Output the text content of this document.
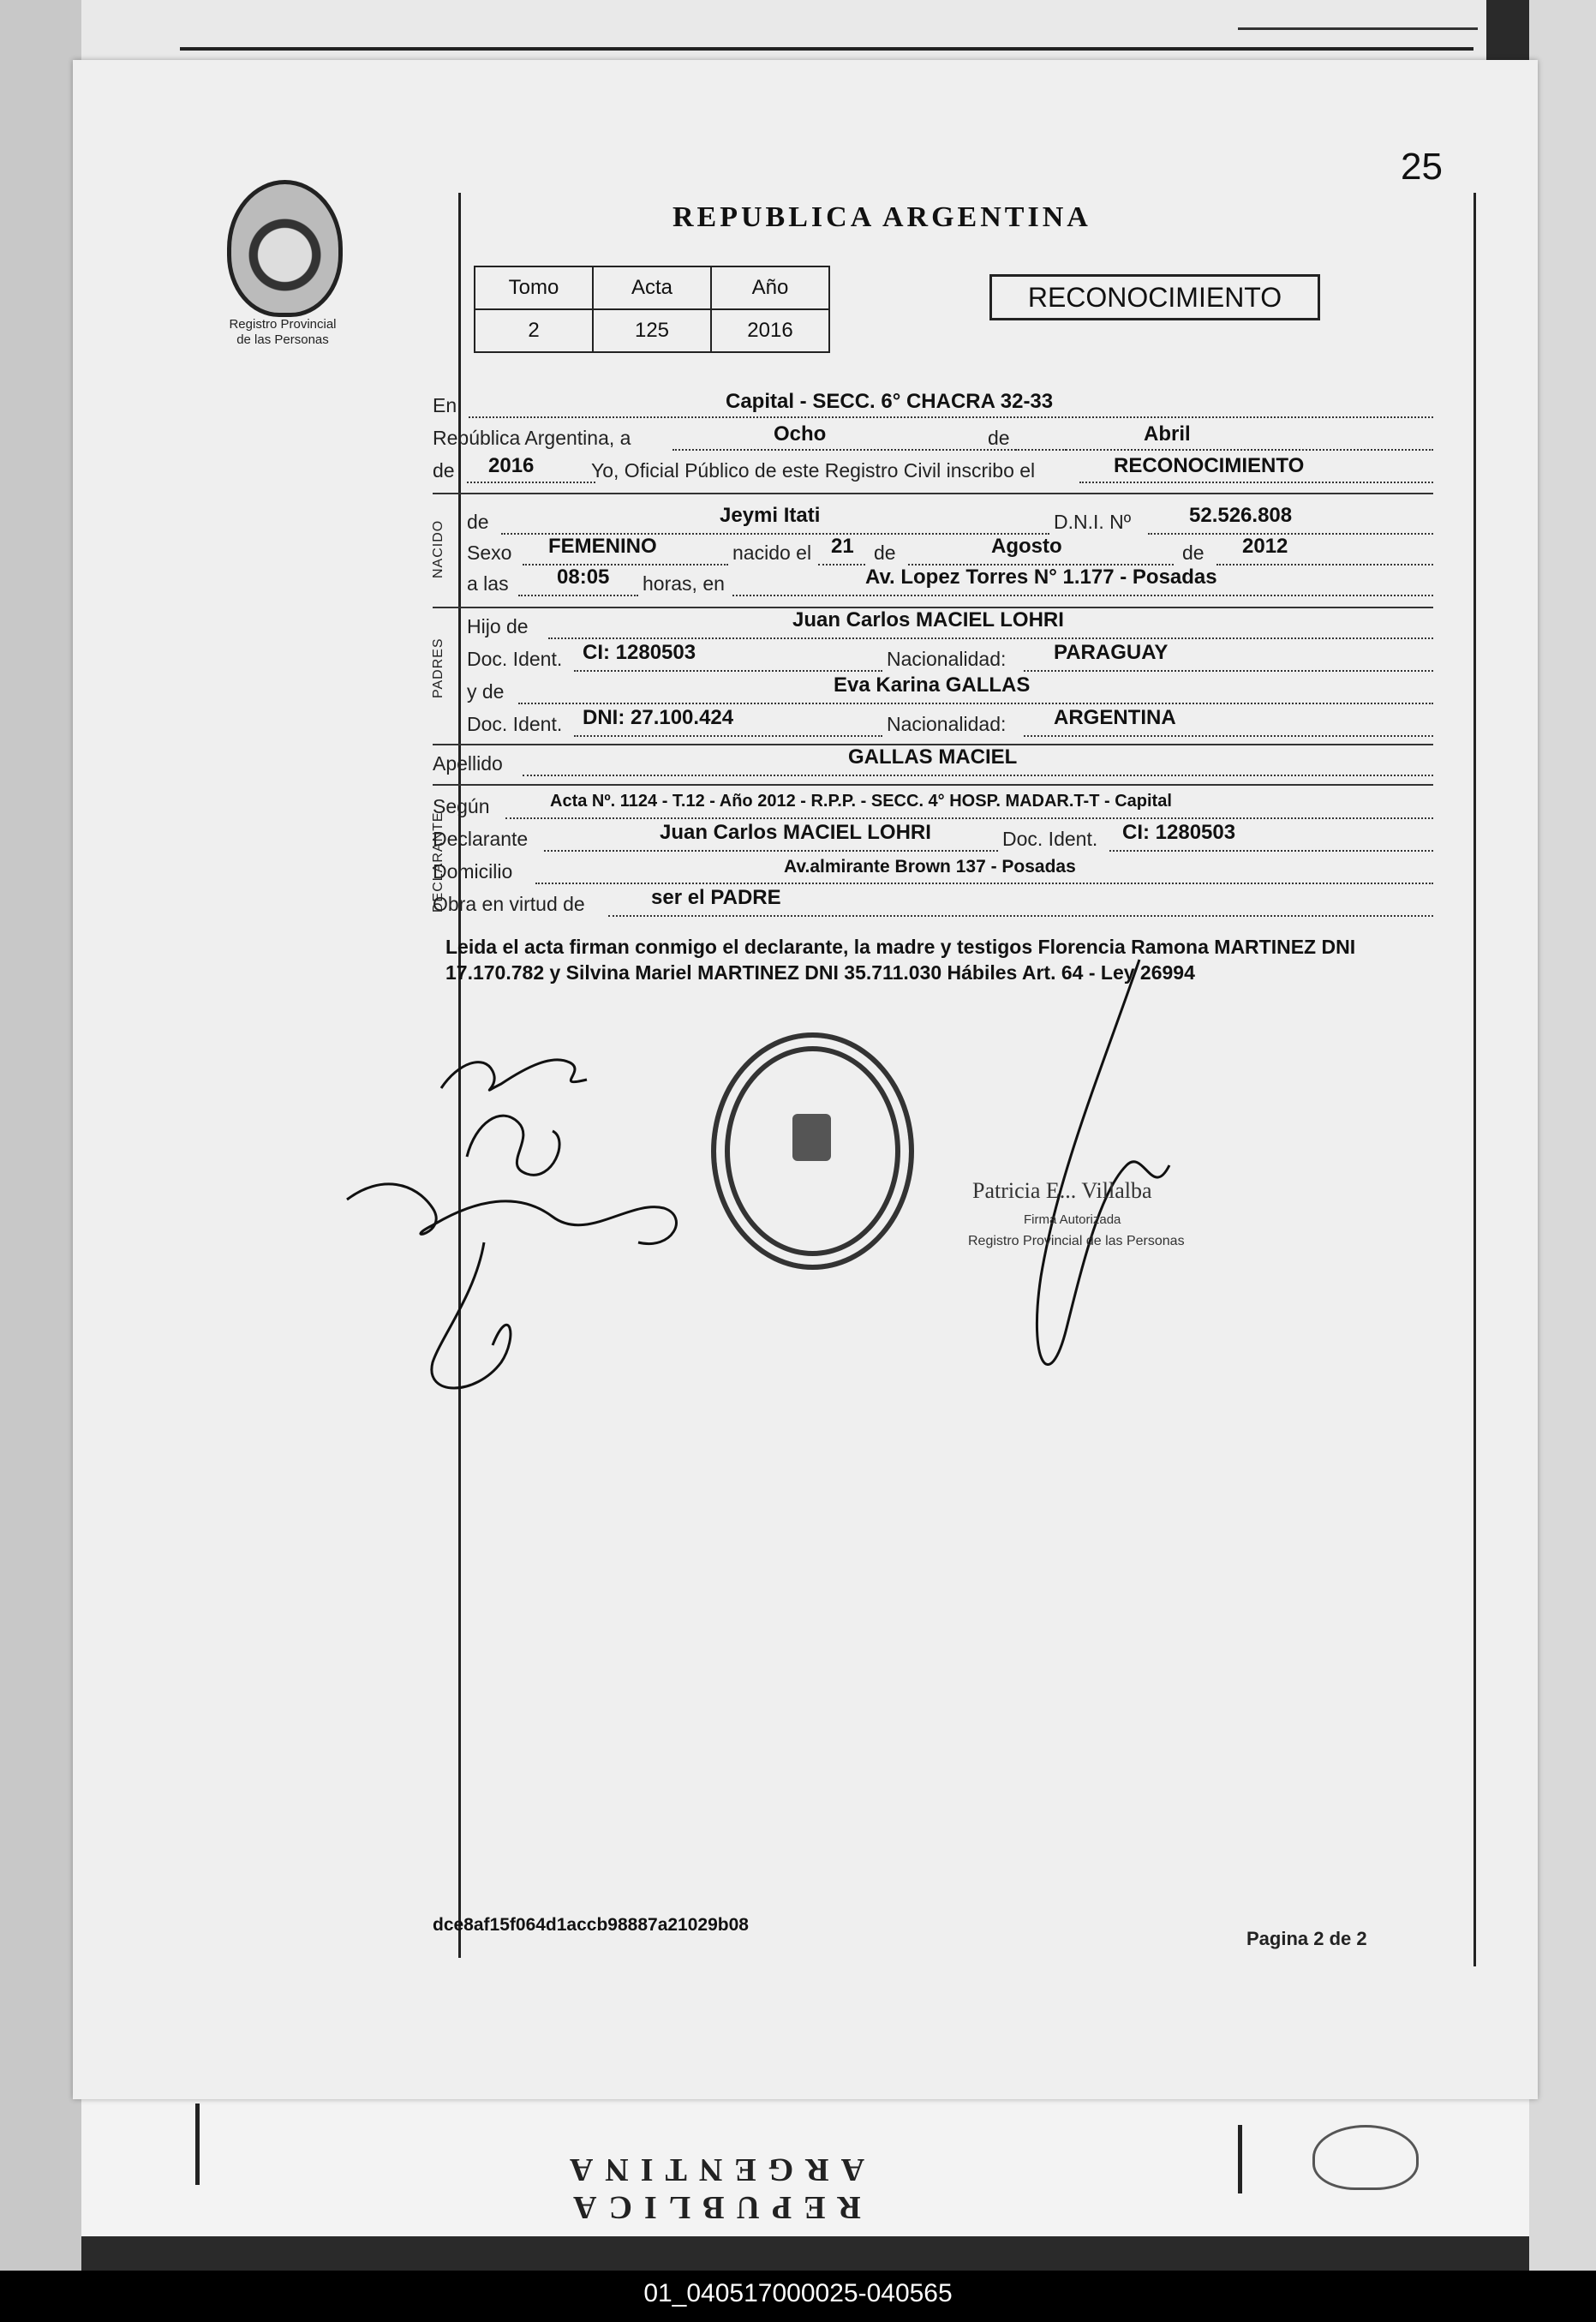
REPUBLICA ARGENTINA
25
Registro Provincial
de las Personas
REPUBLICA ARGENTINA
Tomo	Acta	Año
2	125	2016
RECONOCIMIENTO
En	Capital - SECC. 6° CHACRA 32-33
República Argentina, a	Ocho	de	Abril
de 2016	Yo, Oficial Público de este Registro Civil inscribo el	RECONOCIMIENTO
NACIDO de	Jeymi Itati	D.N.I. Nº	52.526.808
Sexo FEMENINO	nacido el 21 de	Agosto	de 2012
a las 08:05 horas, en	Av. Lopez Torres N° 1.177 - Posadas
PADRES
Hijo de	Juan Carlos MACIEL LOHRI
Doc. Ident. CI: 1280503	Nacionalidad: PARAGUAY
y de	Eva Karina GALLAS
Doc. Ident. DNI: 27.100.424	Nacionalidad: ARGENTINA
Apellido	GALLAS MACIEL
DECLARANTE
Según	Acta Nº. 1124 - T.12 - Año 2012 - R.P.P. - SECC. 4° HOSP. MADAR.T-T - Capital
Declarante	Juan Carlos MACIEL LOHRI	Doc. Ident. CI: 1280503
Domicilio	Av.almirante Brown 137 - Posadas
Obra en virtud de	ser el PADRE
Leida el acta firman conmigo el declarante, la madre y testigos Florencia Ramona MARTINEZ DNI 17.170.782 y Silvina Mariel MARTINEZ DNI 35.711.030 Hábiles Art. 64 - Ley 26994
Patricia E... Villalba
Firma Autorizada
Registro Provincial de las Personas
dce8af15f064d1accb98887a21029b08
Pagina 2 de 2
01_040517000025-040565
